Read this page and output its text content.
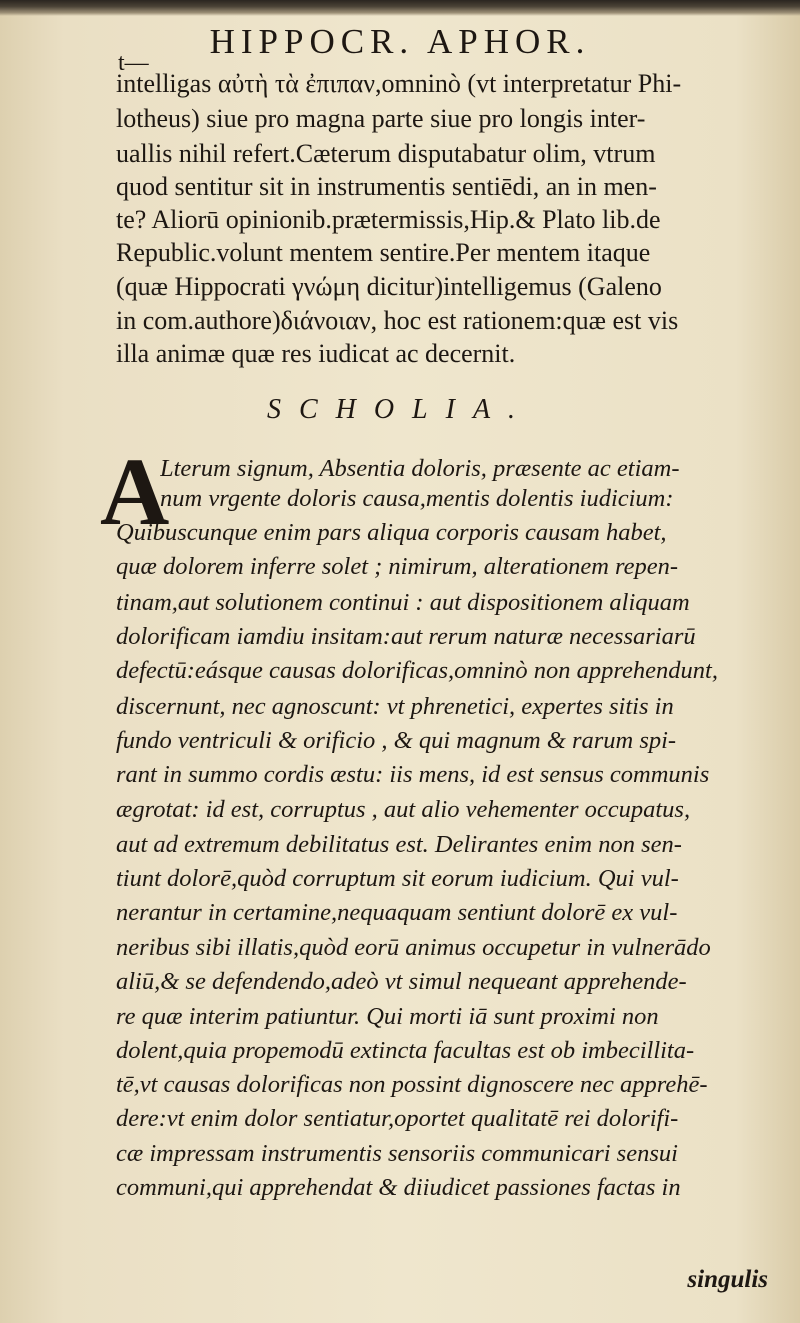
HIPPOCR. APHOR.
t—

intelligas αὐτὴ τὰ ἐπιπαν,omninò (vt interpretatur Phi-

lotheus) siue pro magna parte siue pro longis inter-

uallis nihil refert.Cæterum disputabatur olim, vtrum

quod sentitur sit in instrumentis sentiēdi, an in men-

te? Aliorū opinionib.prætermissis,Hip.& Plato lib.de

Republic.volunt mentem sentire.Per mentem itaque

(quæ Hippocrati γνώμη dicitur)intelligemus (Galeno

in com.authore)διάνοιαν, hoc est rationem:quæ est vis

illa animæ quæ res iudicat ac decernit.

SCHOLIA.
A

Lterum signum, Absentia doloris, præsente ac etiam-

num vrgente doloris causa,mentis dolentis iudicium:

Quibuscunque enim pars aliqua corporis causam habet,

quæ dolorem inferre solet ; nimirum, alterationem repen-

tinam,aut solutionem continui : aut dispositionem aliquam

dolorificam iamdiu insitam:aut rerum naturæ necessariarū

defectū:eásque causas dolorificas,omninò non apprehendunt,

discernunt, nec agnoscunt: vt phrenetici, expertes sitis in

fundo ventriculi & orificio , & qui magnum & rarum spi-

rant in summo cordis æstu: iis mens, id est sensus communis

ægrotat: id est, corruptus , aut alio vehementer occupatus,

aut ad extremum debilitatus est. Delirantes enim non sen-

tiunt dolorē,quòd corruptum sit eorum iudicium. Qui vul-

nerantur in certamine,nequaquam sentiunt dolorē ex vul-

neribus sibi illatis,quòd eorū animus occupetur in vulnerādo

aliū,& se defendendo,adeò vt simul nequeant apprehende-

re quæ interim patiuntur. Qui morti iā sunt proximi non

dolent,quia propemodū extincta facultas est ob imbecillita-

tē,vt causas dolorificas non possint dignoscere nec apprehē-

dere:vt enim dolor sentiatur,oportet qualitatē rei dolorifi-

cæ impressam instrumentis sensoriis communicari sensui

communi,qui apprehendat & diiudicet passiones factas in

singulis
